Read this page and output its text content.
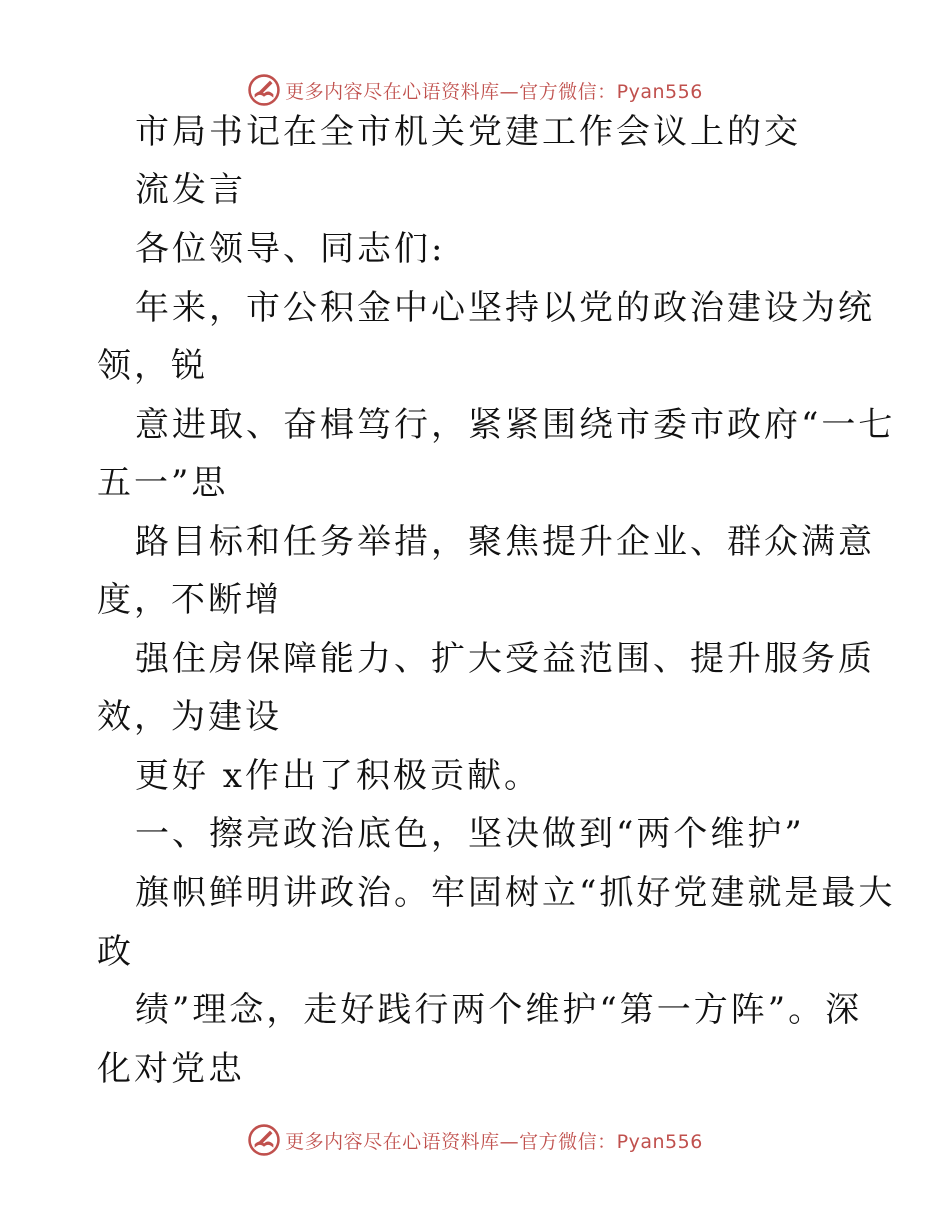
更多内容尽在心语资料库—官方微信：Pyan556
市局书记在全市机关党建工作会议上的交
流发言
各位领导、同志们:
年来，市公积金中心坚持以党的政治建设为统
领，锐
意进取、奋楫笃行，紧紧围绕市委市政府“一七
五一”思
路目标和任务举措，聚焦提升企业、群众满意
度，不断增
强住房保障能力、扩大受益范围、提升服务质
效，为建设
更好 x作出了积极贡献。
一、擦亮政治底色，坚决做到“两个维护”
旗帜鲜明讲政治。牢固树立“抓好党建就是最大
政
绩”理念，走好践行两个维护“第一方阵”。深
化对党忠
更多内容尽在心语资料库—官方微信：Pyan556
